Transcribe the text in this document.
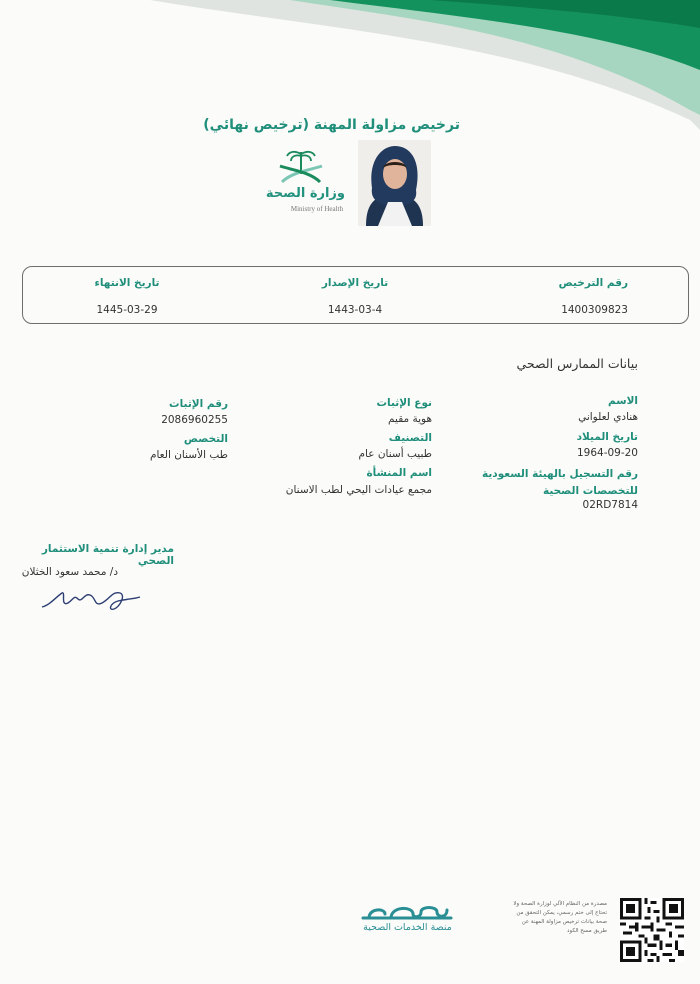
ترخيص مزاولة المهنة (ترخيص نهائي)
وزارة الصحة
Ministry of Health
رقم الترخيص
1400309823
تاريخ الإصدار
1443-03-4
تاريخ الانتهاء
1445-03-29
بيانات الممارس الصحي
الاسم
هنادي لعلواني
تاريخ الميلاد
1964-09-20
رقم التسجيل بالهيئة السعودية للتخصصات الصحية
02RD7814
نوع الإثبات
هوية مقيم
التصنيف
طبيب أسنان عام
اسم المنشأة
مجمع عيادات اليحي لطب الاسنان
رقم الإثبات
2086960255
التخصص
طب الأسنان العام
مدير إدارة تنمية الاستثمار الصحي
د/ محمد سعود الخثلان
منصة الخدمات الصحية
مصدرة من النظام الآلي لوزارة الصحة ولا تحتاج إلى ختم رسمي، يمكن التحقق من صحة بيانات ترخيص مزاولة المهنة عن طريق مسح الكود
